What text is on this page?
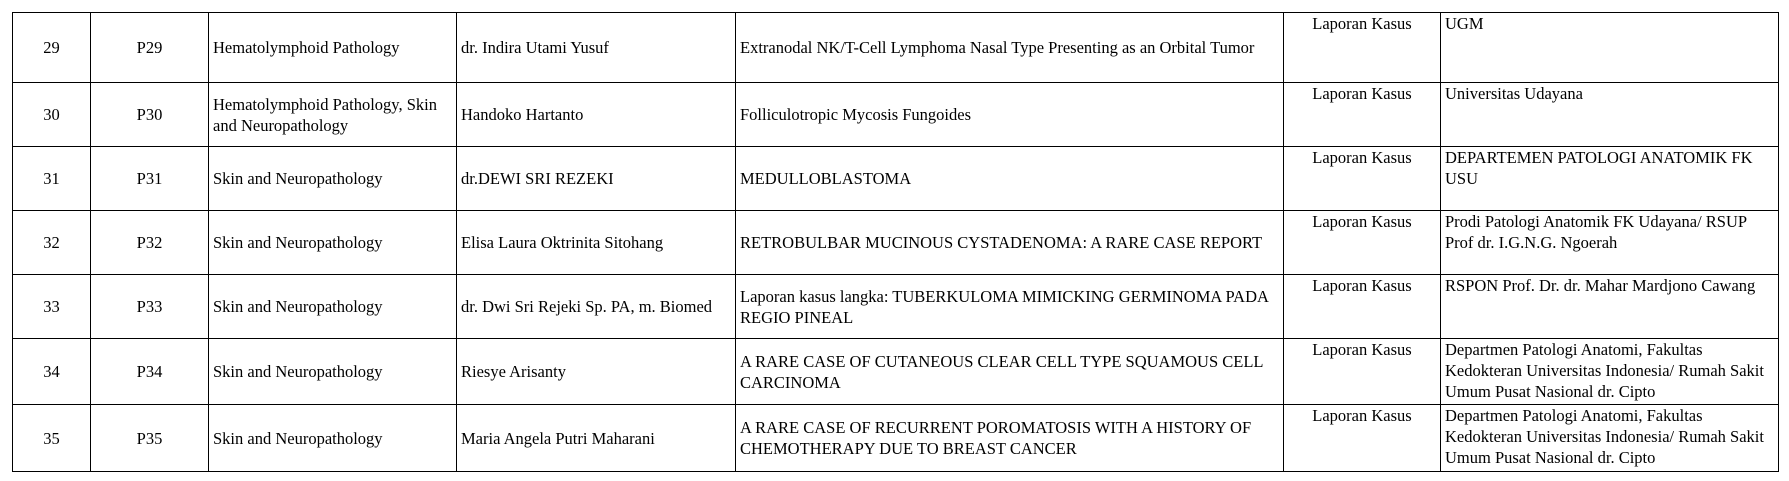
29	P29	Hematolymphoid Pathology	dr. Indira Utami Yusuf	Extranodal NK/T-Cell Lymphoma Nasal Type Presenting as an Orbital Tumor	Laporan Kasus	UGM
30	P30	Hematolymphoid Pathology, Skin and Neuropathology	Handoko Hartanto	Folliculotropic Mycosis Fungoides	Laporan Kasus	Universitas Udayana
31	P31	Skin and Neuropathology	dr.DEWI SRI REZEKI	MEDULLOBLASTOMA	Laporan Kasus	DEPARTEMEN PATOLOGI ANATOMIK FK USU
32	P32	Skin and Neuropathology	Elisa Laura Oktrinita Sitohang	RETROBULBAR MUCINOUS CYSTADENOMA: A RARE CASE REPORT	Laporan Kasus	Prodi Patologi Anatomik FK Udayana/ RSUP Prof dr. I.G.N.G. Ngoerah
33	P33	Skin and Neuropathology	dr. Dwi Sri Rejeki Sp. PA, m. Biomed	Laporan kasus langka: TUBERKULOMA MIMICKING GERMINOMA PADA REGIO PINEAL	Laporan Kasus	RSPON Prof. Dr. dr. Mahar Mardjono Cawang
34	P34	Skin and Neuropathology	Riesye Arisanty	A RARE CASE OF CUTANEOUS CLEAR CELL TYPE SQUAMOUS CELL CARCINOMA	Laporan Kasus	Departmen Patologi Anatomi, Fakultas Kedokteran Universitas Indonesia/ Rumah Sakit Umum Pusat Nasional dr. Cipto
35	P35	Skin and Neuropathology	Maria Angela Putri Maharani	A RARE CASE OF RECURRENT POROMATOSIS WITH A HISTORY OF CHEMOTHERAPY DUE TO BREAST CANCER	Laporan Kasus	Departmen Patologi Anatomi, Fakultas Kedokteran Universitas Indonesia/ Rumah Sakit Umum Pusat Nasional dr. Cipto
